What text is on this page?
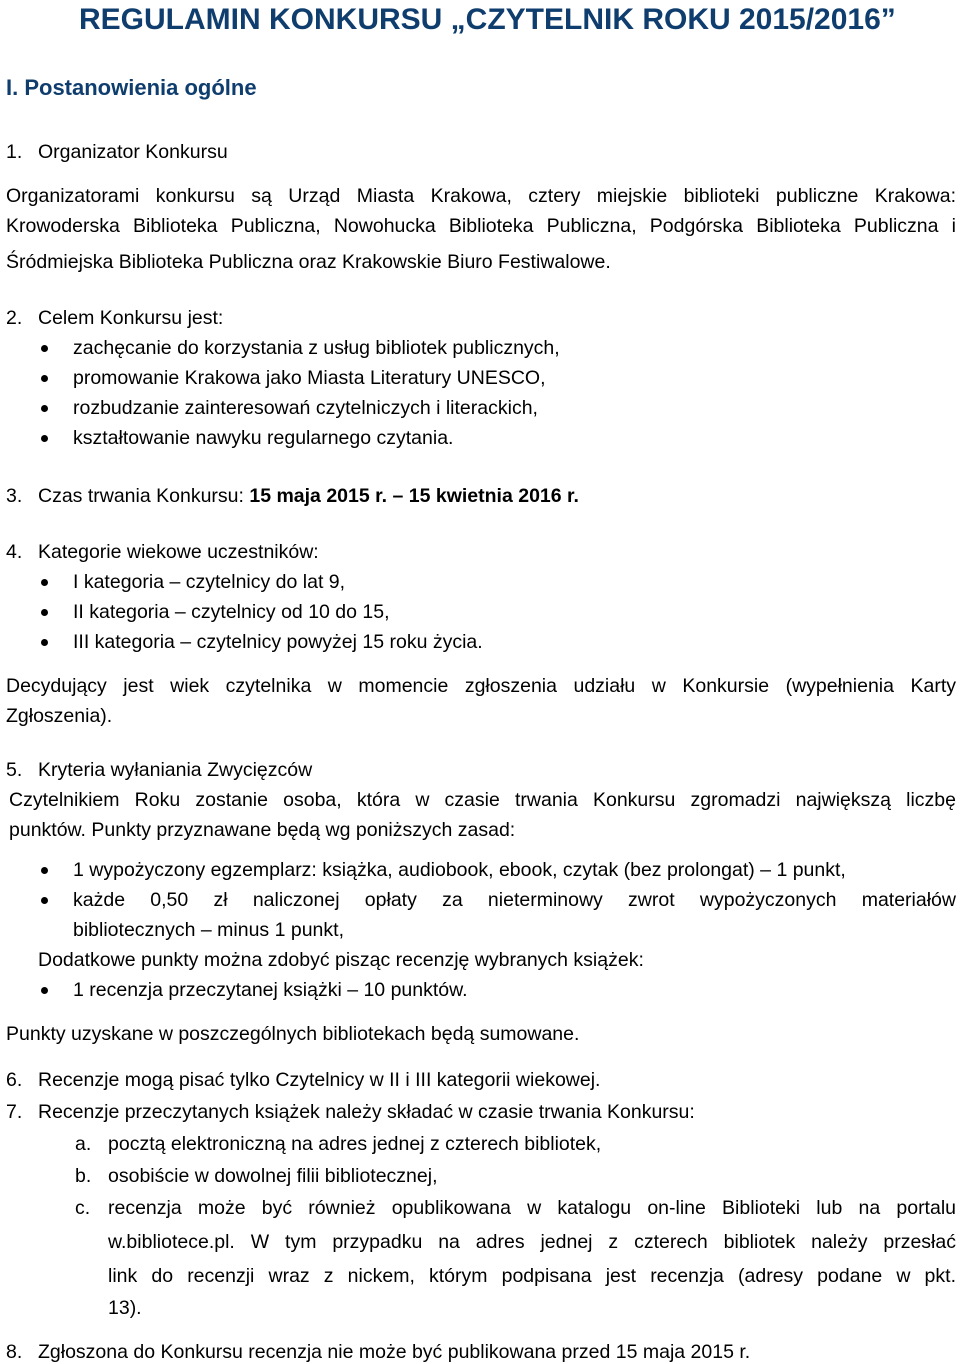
REGULAMIN KONKURSU „CZYTELNIK ROKU 2015/2016”
I. Postanowienia ogólne
1. Organizator Konkursu
Organizatorami konkursu są Urząd Miasta Krakowa, cztery miejskie biblioteki publiczne Krakowa:
Krowoderska Biblioteka Publiczna, Nowohucka Biblioteka Publiczna, Podgórska Biblioteka Publiczna i
Śródmiejska Biblioteka Publiczna oraz Krakowskie Biuro Festiwalowe.
2. Celem Konkursu jest:
zachęcanie do korzystania z usług bibliotek publicznych,
promowanie Krakowa jako Miasta Literatury UNESCO,
rozbudzanie zainteresowań czytelniczych i literackich,
kształtowanie nawyku regularnego czytania.
3. Czas trwania Konkursu: 15 maja 2015 r. – 15 kwietnia 2016 r.
4. Kategorie wiekowe uczestników:
I kategoria – czytelnicy do lat 9,
II kategoria – czytelnicy od 10 do 15,
III kategoria – czytelnicy powyżej 15 roku życia.
Decydujący jest wiek czytelnika w momencie zgłoszenia udziału w Konkursie (wypełnienia Karty
Zgłoszenia).
5. Kryteria wyłaniania Zwycięzców
Czytelnikiem Roku zostanie osoba, która w czasie trwania Konkursu zgromadzi największą liczbę
punktów. Punkty przyznawane będą wg poniższych zasad:
1 wypożyczony egzemplarz: książka, audiobook, ebook, czytak (bez prolongat) – 1 punkt,
każde 0,50 zł naliczonej opłaty za nieterminowy zwrot wypożyczonych materiałów
bibliotecznych – minus 1 punkt,
Dodatkowe punkty można zdobyć pisząc recenzję wybranych książek:
1 recenzja przeczytanej książki – 10 punktów.
Punkty uzyskane w poszczególnych bibliotekach będą sumowane.
6. Recenzje mogą pisać tylko Czytelnicy w II i III kategorii wiekowej.
7. Recenzje przeczytanych książek należy składać w czasie trwania Konkursu:
a. pocztą elektroniczną na adres jednej z czterech bibliotek,
b. osobiście w dowolnej filii bibliotecznej,
c. recenzja może być również opublikowana w katalogu on-line Biblioteki lub na portalu
w.bibliotece.pl. W tym przypadku na adres jednej z czterech bibliotek należy przesłać
link do recenzji wraz z nickem, którym podpisana jest recenzja (adresy podane w pkt.
13).
8. Zgłoszona do Konkursu recenzja nie może być publikowana przed 15 maja 2015 r.
